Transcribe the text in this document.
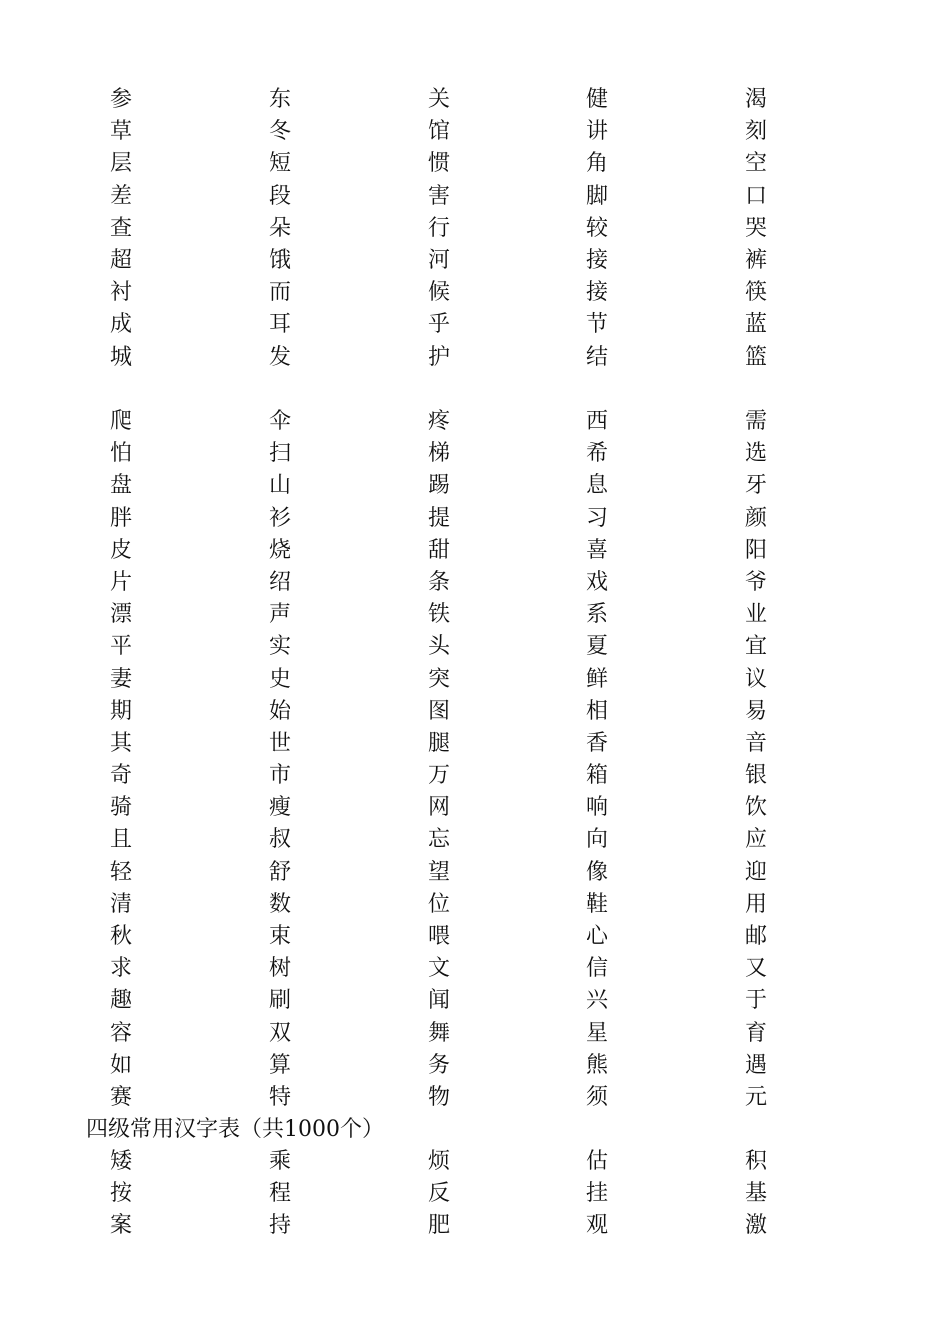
参	东	关	健	渴
草	冬	馆	讲	刻
层	短	惯	角	空
差	段	害	脚	口
查	朵	行	较	哭
超	饿	河	接	裤
衬	而	候	接	筷
成	耳	乎	节	蓝
城	发	护	结	篮
爬	伞	疼	西	需
怕	扫	梯	希	选
盘	山	踢	息	牙
胖	衫	提	习	颜
皮	烧	甜	喜	阳
片	绍	条	戏	爷
漂	声	铁	系	业
平	实	头	夏	宜
妻	史	突	鲜	议
期	始	图	相	易
其	世	腿	香	音
奇	市	万	箱	银
骑	瘦	网	响	饮
且	叔	忘	向	应
轻	舒	望	像	迎
清	数	位	鞋	用
秋	束	喂	心	邮
求	树	文	信	又
趣	刷	闻	兴	于
容	双	舞	星	育
如	算	务	熊	遇
赛	特	物	须	元
四级常用汉字表（共1000个）
矮	乘	烦	估	积
按	程	反	挂	基
案	持	肥	观	激
